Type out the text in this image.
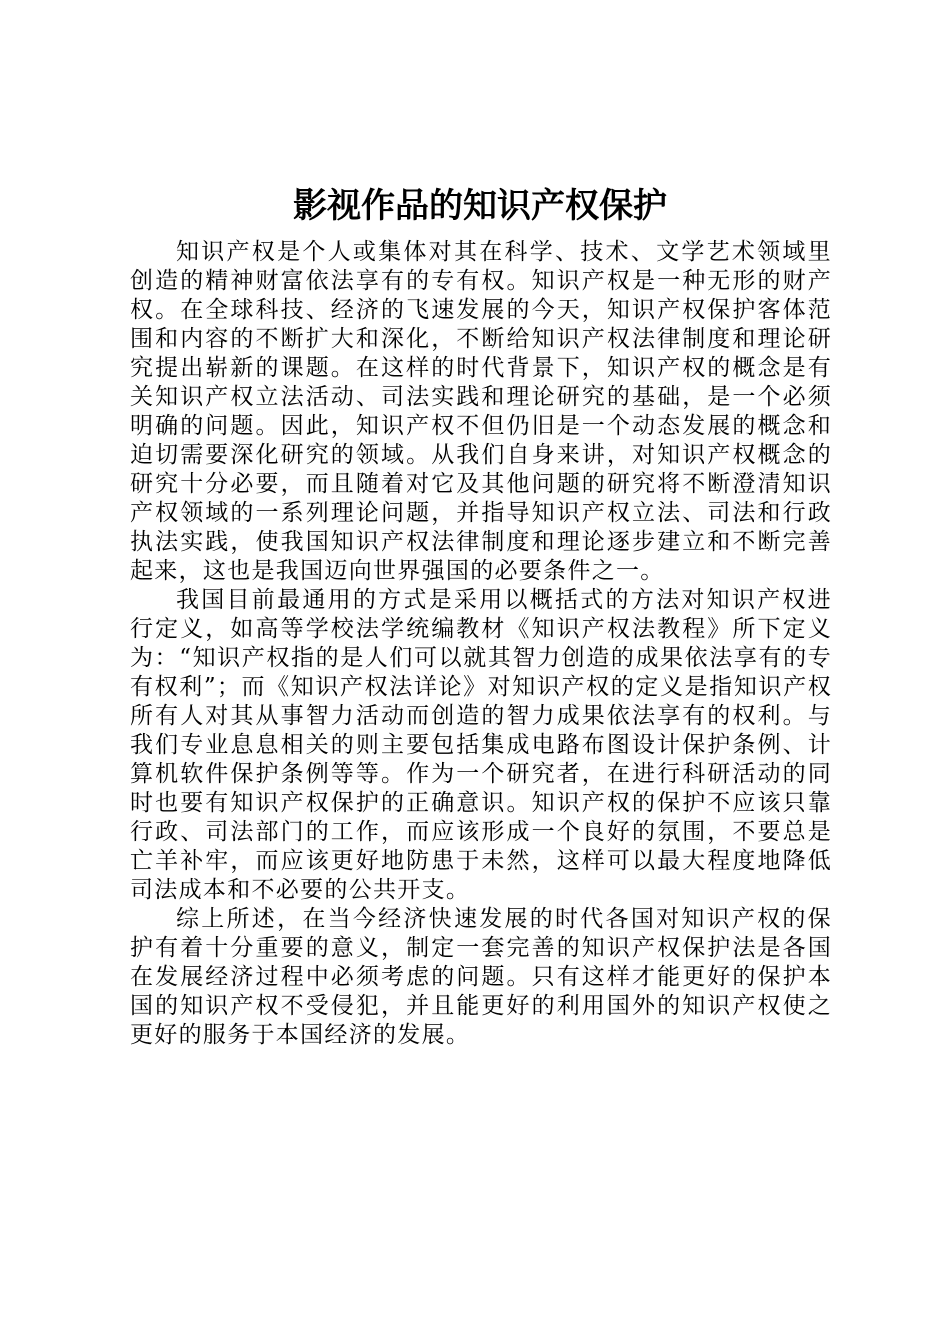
影视作品的知识产权保护

知识产权是个人或集体对其在科学、技术、文学艺术领域里创造的精神财富依法享有的专有权。知识产权是一种无形的财产权。在全球科技、经济的飞速发展的今天，知识产权保护客体范围和内容的不断扩大和深化，不断给知识产权法律制度和理论研究提出崭新的课题。在这样的时代背景下，知识产权的概念是有关知识产权立法活动、司法实践和理论研究的基础，是一个必须明确的问题。因此，知识产权不但仍旧是一个动态发展的概念和迫切需要深化研究的领域。从我们自身来讲，对知识产权概念的研究十分必要，而且随着对它及其他问题的研究将不断澄清知识产权领域的一系列理论问题，并指导知识产权立法、司法和行政执法实践，使我国知识产权法律制度和理论逐步建立和不断完善起来，这也是我国迈向世界强国的必要条件之一。

我国目前最通用的方式是采用以概括式的方法对知识产权进行定义，如高等学校法学统编教材《知识产权法教程》所下定义为：“知识产权指的是人们可以就其智力创造的成果依法享有的专有权利”；而《知识产权法详论》对知识产权的定义是指知识产权所有人对其从事智力活动而创造的智力成果依法享有的权利。与我们专业息息相关的则主要包括集成电路布图设计保护条例、计算机软件保护条例等等。作为一个研究者，在进行科研活动的同时也要有知识产权保护的正确意识。知识产权的保护不应该只靠行政、司法部门的工作，而应该形成一个良好的氛围，不要总是亡羊补牢，而应该更好地防患于未然，这样可以最大程度地降低司法成本和不必要的公共开支。

综上所述，在当今经济快速发展的时代各国对知识产权的保护有着十分重要的意义，制定一套完善的知识产权保护法是各国在发展经济过程中必须考虑的问题。只有这样才能更好的保护本国的知识产权不受侵犯，并且能更好的利用国外的知识产权使之更好的服务于本国经济的发展。
